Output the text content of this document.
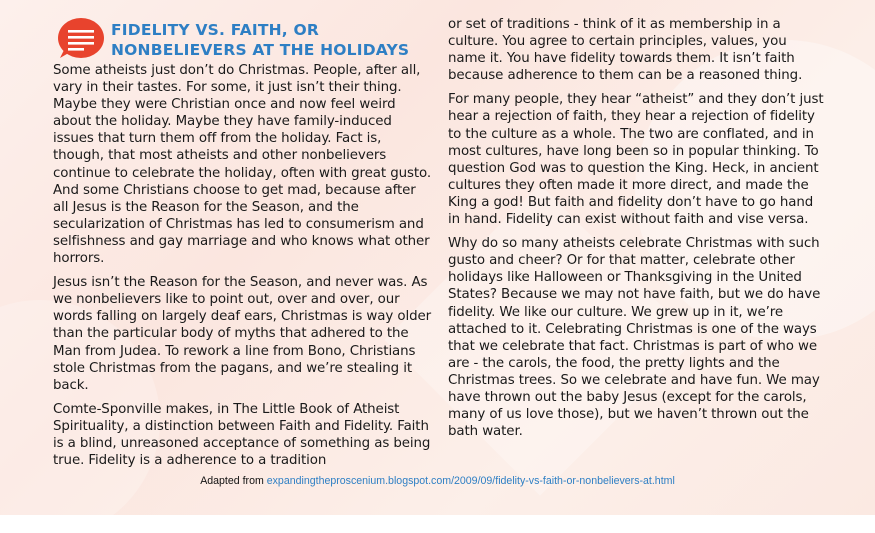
FIDELITY VS. FAITH, OR NONBELIEVERS AT THE HOLIDAYS

Some atheists just don’t do Christmas. People, after all, vary in their tastes. For some, it just isn’t their thing. Maybe they were Christian once and now feel weird about the holiday. Maybe they have family-induced issues that turn them off from the holiday. Fact is, though, that most atheists and other nonbelievers continue to celebrate the holiday, often with great gusto. And some Christians choose to get mad, because after all Jesus is the Reason for the Season, and the secularization of Christmas has led to consumerism and selfishness and gay marriage and who knows what other horrors.

Jesus isn’t the Reason for the Season, and never was. As we nonbelievers like to point out, over and over, our words falling on largely deaf ears, Christmas is way older than the particular body of myths that adhered to the Man from Judea. To rework a line from Bono, Christians stole Christmas from the pagans, and we’re stealing it back.

Comte-Sponville makes, in The Little Book of Atheist Spirituality, a distinction between Faith and Fidelity. Faith is a blind, unreasoned acceptance of something as being true. Fidelity is a adherence to a tradition

or set of traditions - think of it as membership in a culture. You agree to certain principles, values, you name it. You have fidelity towards them. It isn’t faith because adherence to them can be a reasoned thing.

For many people, they hear “atheist” and they don’t just hear a rejection of faith, they hear a rejection of fidelity to the culture as a whole. The two are conflated, and in most cultures, have long been so in popular thinking. To question God was to question the King. Heck, in ancient cultures they often made it more direct, and made the King a god! But faith and fidelity don’t have to go hand in hand. Fidelity can exist without faith and vise versa.

Why do so many atheists celebrate Christmas with such gusto and cheer? Or for that matter, celebrate other holidays like Halloween or Thanksgiving in the United States? Because we may not have faith, but we do have fidelity. We like our culture. We grew up in it, we’re attached to it. Celebrating Christmas is one of the ways that we celebrate that fact. Christmas is part of who we are - the carols, the food, the pretty lights and the Christmas trees. So we celebrate and have fun. We may have thrown out the baby Jesus (except for the carols, many of us love those), but we haven’t thrown out the bath water.

Adapted from expandingtheproscenium.blogspot.com/2009/09/fidelity-vs-faith-or-nonbelievers-at.html
